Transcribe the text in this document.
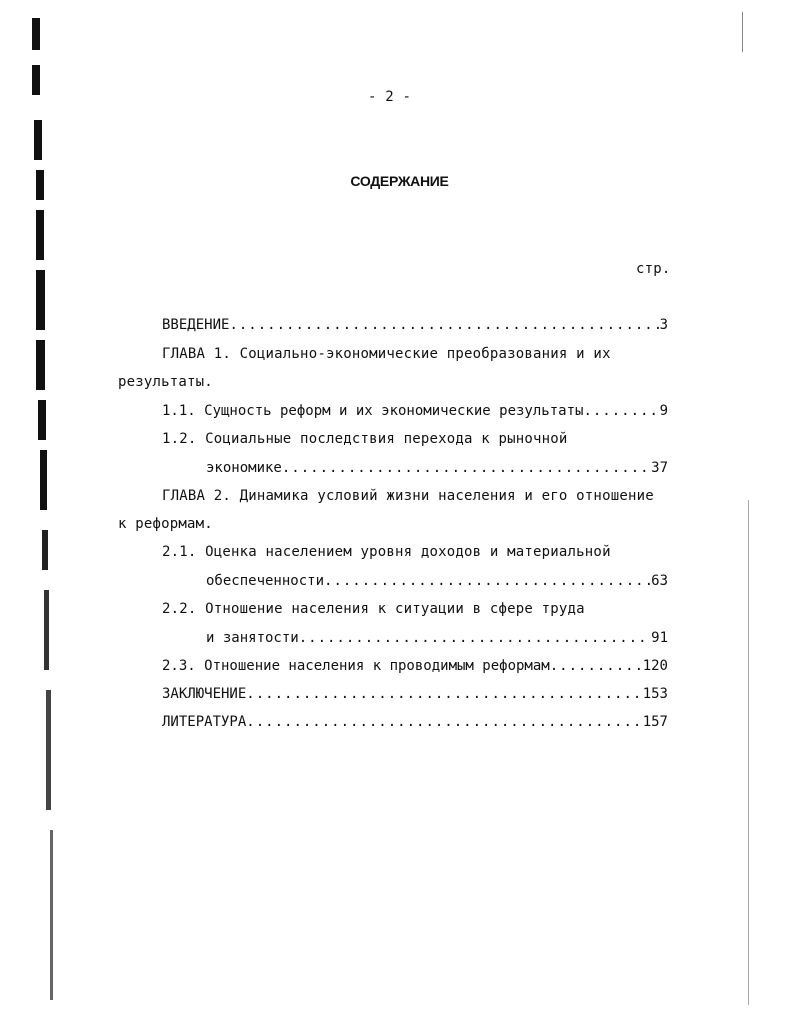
- 2 -
СОДЕРЖАНИЕ
стр.
ВВЕДЕНИЕ .....	3
ГЛАВА 1. Социально-экономические преобразования и их
результаты.
1.1. Сущность реформ и их экономические результаты .....	9
1.2. Социальные последствия перехода к рыночной
экономике .....	37
ГЛАВА 2. Динамика условий жизни населения и его отношение
к реформам.
2.1. Оценка населением уровня доходов и материальной
обеспеченности .....	63
2.2. Отношение населения к ситуации в сфере труда
и занятости .....	91
2.3. Отношение населения к проводимым реформам .....	120
ЗАКЛЮЧЕНИЕ .....	153
ЛИТЕРАТУРА .....	157
